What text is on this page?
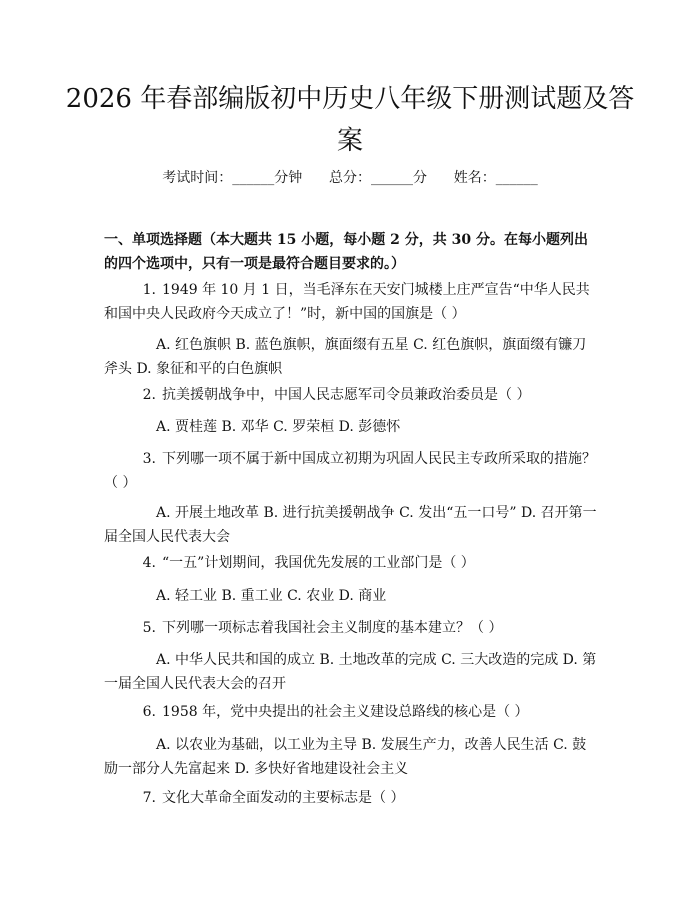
2026 年春部编版初中历史八年级下册测试题及答案
考试时间：______分钟      总分：______分      姓名：______
一、单项选择题（本大题共 15 小题，每小题 2 分，共 30 分。在每小题列出的四个选项中，只有一项是最符合题目要求的。）
1. 1949 年 10 月 1 日，当毛泽东在天安门城楼上庄严宣告“中华人民共和国中央人民政府今天成立了！”时，新中国的国旗是（ ）
A. 红色旗帜 B. 蓝色旗帜，旗面缀有五星 C. 红色旗帜，旗面缀有镰刀斧头 D. 象征和平的白色旗帜
2. 抗美援朝战争中，中国人民志愿军司令员兼政治委员是（ ）
A. 贾桂莲 B. 邓华 C. 罗荣桓 D. 彭德怀
3. 下列哪一项不属于新中国成立初期为巩固人民民主专政所采取的措施？（ ）
A. 开展土地改革 B. 进行抗美援朝战争 C. 发出“五一口号” D. 召开第一届全国人民代表大会
4. “一五”计划期间，我国优先发展的工业部门是（ ）
A. 轻工业 B. 重工业 C. 农业 D. 商业
5. 下列哪一项标志着我国社会主义制度的基本建立？（ ）
A. 中华人民共和国的成立 B. 土地改革的完成 C. 三大改造的完成 D. 第一届全国人民代表大会的召开
6. 1958 年，党中央提出的社会主义建设总路线的核心是（ ）
A. 以农业为基础，以工业为主导 B. 发展生产力，改善人民生活 C. 鼓励一部分人先富起来 D. 多快好省地建设社会主义
7. 文化大革命全面发动的主要标志是（ ）
